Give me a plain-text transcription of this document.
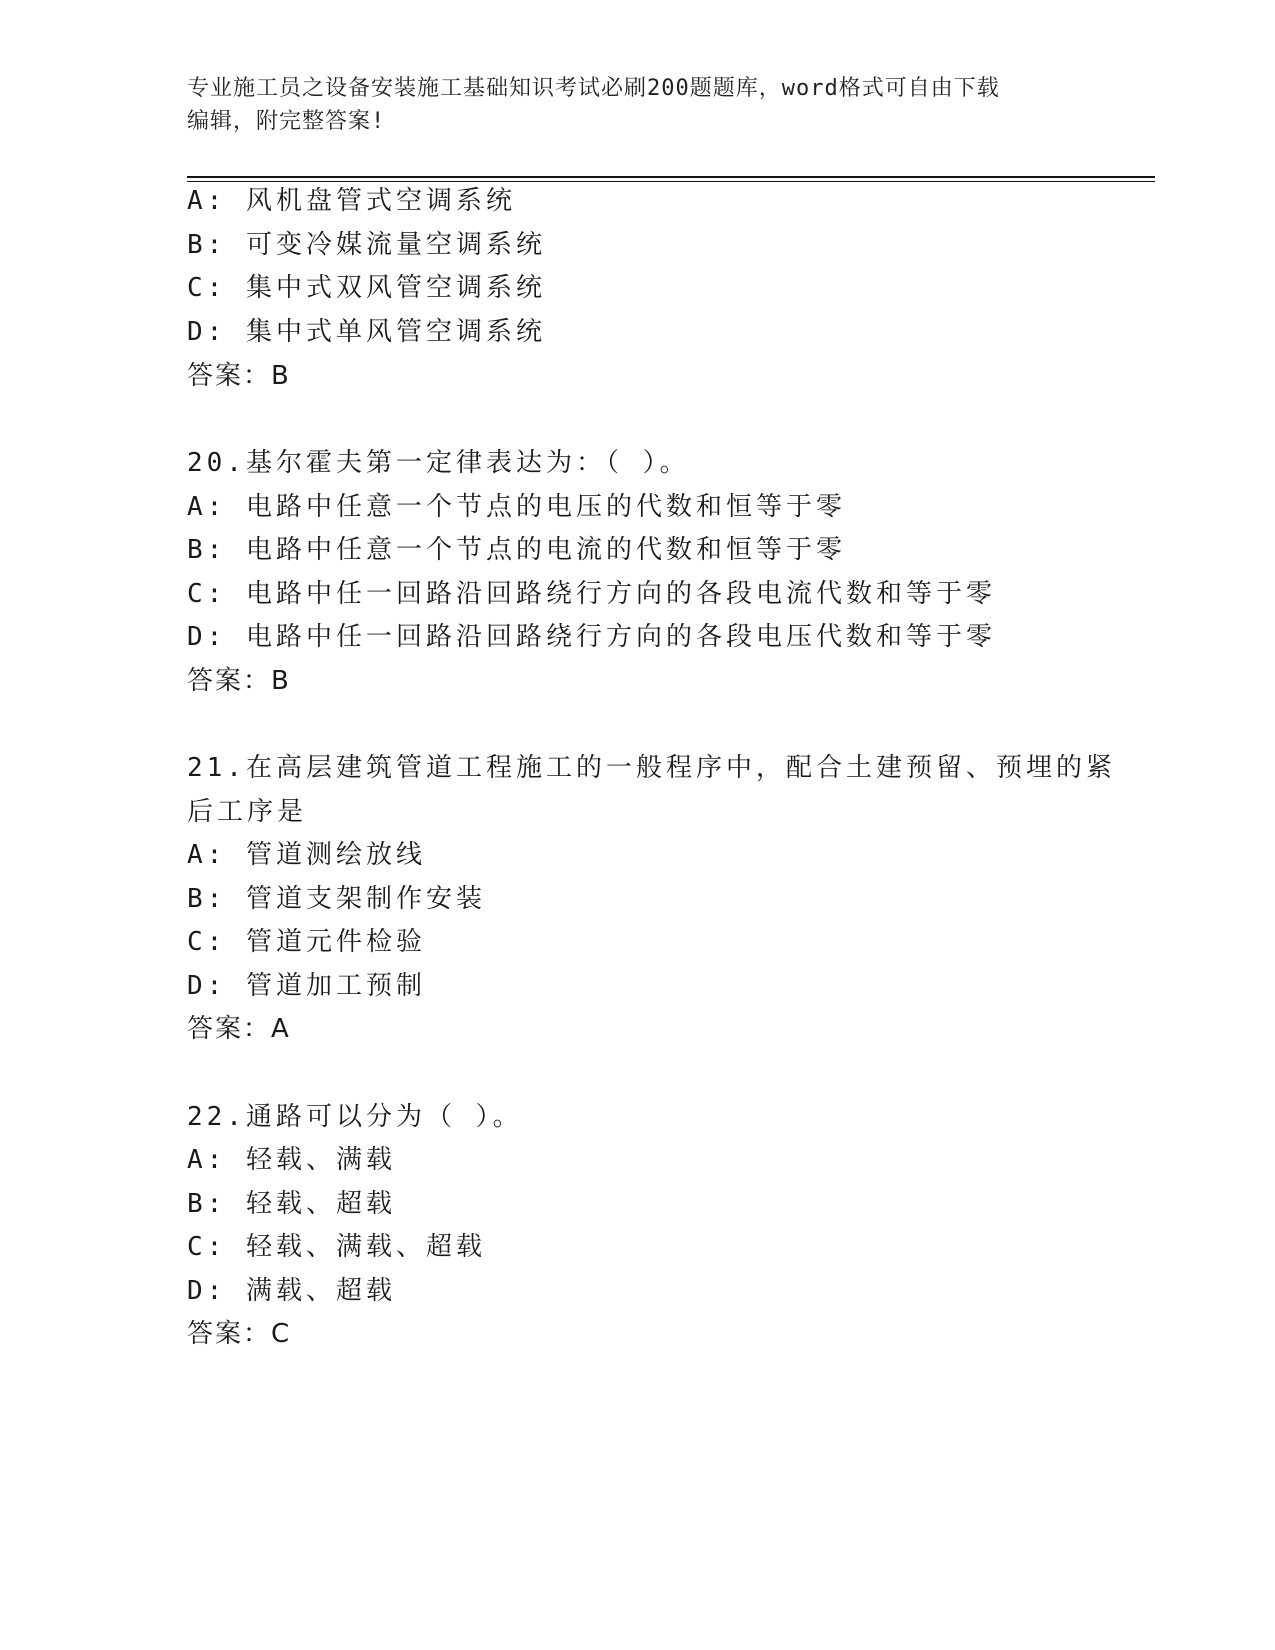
专业施工员之设备安装施工基础知识考试必刷200题题库，word格式可自由下载
编辑，附完整答案!
A: 风机盘管式空调系统
B: 可变冷媒流量空调系统
C: 集中式双风管空调系统
D: 集中式单风管空调系统
答案：B
20.基尔霍夫第一定律表达为：（ ）。
A: 电路中任意一个节点的电压的代数和恒等于零
B: 电路中任意一个节点的电流的代数和恒等于零
C: 电路中任一回路沿回路绕行方向的各段电流代数和等于零
D: 电路中任一回路沿回路绕行方向的各段电压代数和等于零
答案：B
21.在高层建筑管道工程施工的一般程序中，配合土建预留、预埋的紧
后工序是
A: 管道测绘放线
B: 管道支架制作安装
C: 管道元件检验
D: 管道加工预制
答案：A
22.通路可以分为（ ）。
A: 轻载、满载
B: 轻载、超载
C: 轻载、满载、超载
D: 满载、超载
答案：C
